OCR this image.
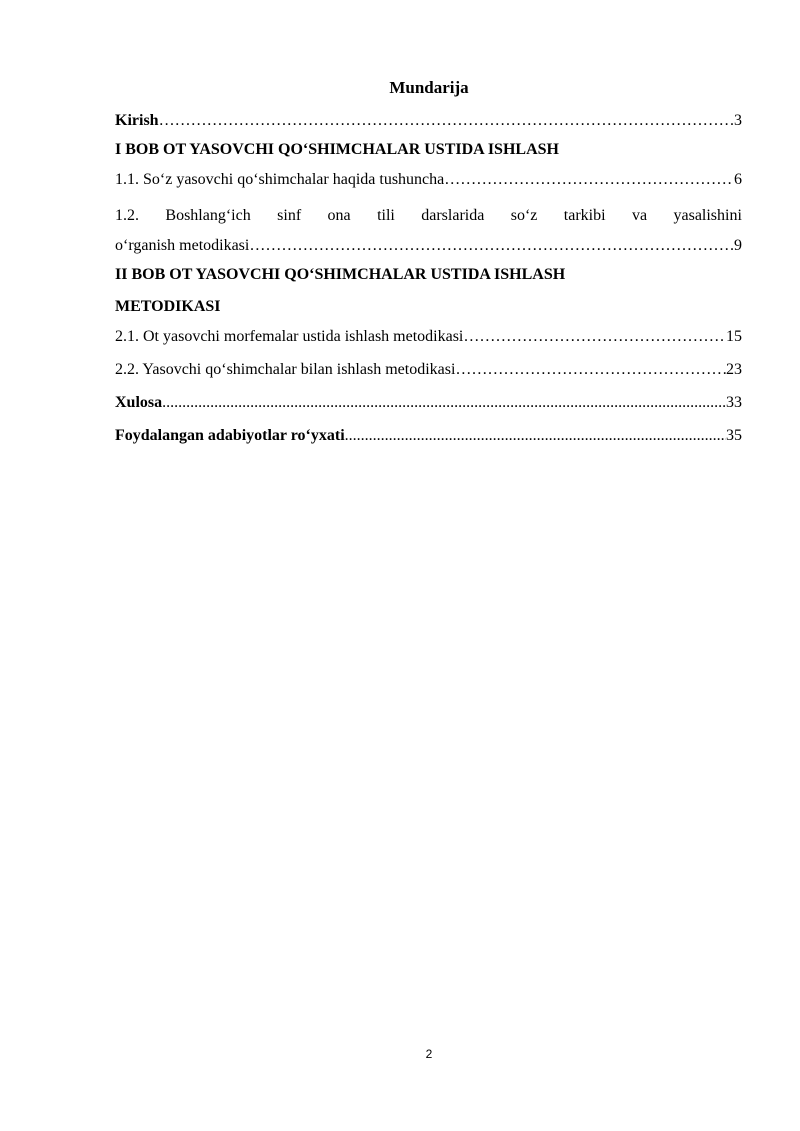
Mundarija
Kirish …………………………………………………………………………………………………………………………………………………………………………………………………………………………	3
I BOB OT YASOVCHI QO‘SHIMCHALAR USTIDA ISHLASH
1.1. So‘z yasovchi qo‘shimchalar haqida tushuncha …………………………………………………………………………………………………………………………………………………………………………………………………………………………	6
1.2. Boshlang‘ich sinf ona tili darslarida so‘z tarkibi va yasalishini
o‘rganish metodikasi …………………………………………………………………………………………………………………………………………………………………………………………………………………………	9
II BOB OT YASOVCHI QO‘SHIMCHALAR USTIDA ISHLASH
METODIKASI
2.1. Ot yasovchi morfemalar ustida ishlash metodikasi …………………………………………………………………………………………………………………………………………………………………………………………………………………………	15
2.2. Yasovchi qo‘shimchalar bilan ishlash metodikasi …………………………………………………………………………………………………………………………………………………………………………………………………………………………	23
Xulosa .....	33
Foydalangan adabiyotlar ro‘yxati .....	35
2
